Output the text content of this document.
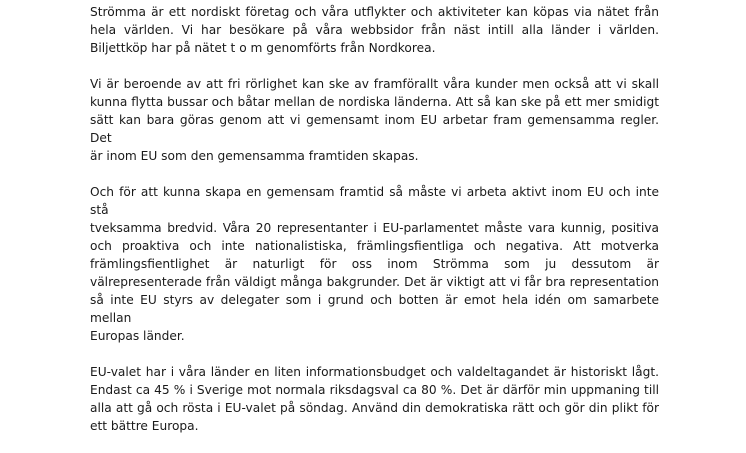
Strömma är ett nordiskt företag och våra utflykter och aktiviteter kan köpas via nätet från
hela världen. Vi har besökare på våra webbsidor från näst intill alla länder i världen.
Biljettköp har på nätet t o m genomförts från Nordkorea.

Vi är beroende av att fri rörlighet kan ske av framförallt våra kunder men också att vi skall
kunna flytta bussar och båtar mellan de nordiska länderna. Att så kan ske på ett mer smidigt
sätt kan bara göras genom att vi gemensamt inom EU arbetar fram gemensamma regler. Det
är inom EU som den gemensamma framtiden skapas.

Och för att kunna skapa en gemensam framtid så måste vi arbeta aktivt inom EU och inte stå
tveksamma bredvid. Våra 20 representanter i EU-parlamentet måste vara kunnig, positiva
och proaktiva och inte nationalistiska, främlingsfientliga och negativa. Att motverka
främlingsfientlighet är naturligt för oss inom Strömma som ju dessutom är
välrepresenterade från väldigt många bakgrunder. Det är viktigt att vi får bra representation
så inte EU styrs av delegater som i grund och botten är emot hela idén om samarbete mellan
Europas länder.

EU-valet har i våra länder en liten informationsbudget och valdeltagandet är historiskt lågt.
Endast ca 45 % i Sverige mot normala riksdagsval ca 80 %. Det är därför min uppmaning till
alla att gå och rösta i EU-valet på söndag. Använd din demokratiska rätt och gör din plikt för
ett bättre Europa.
